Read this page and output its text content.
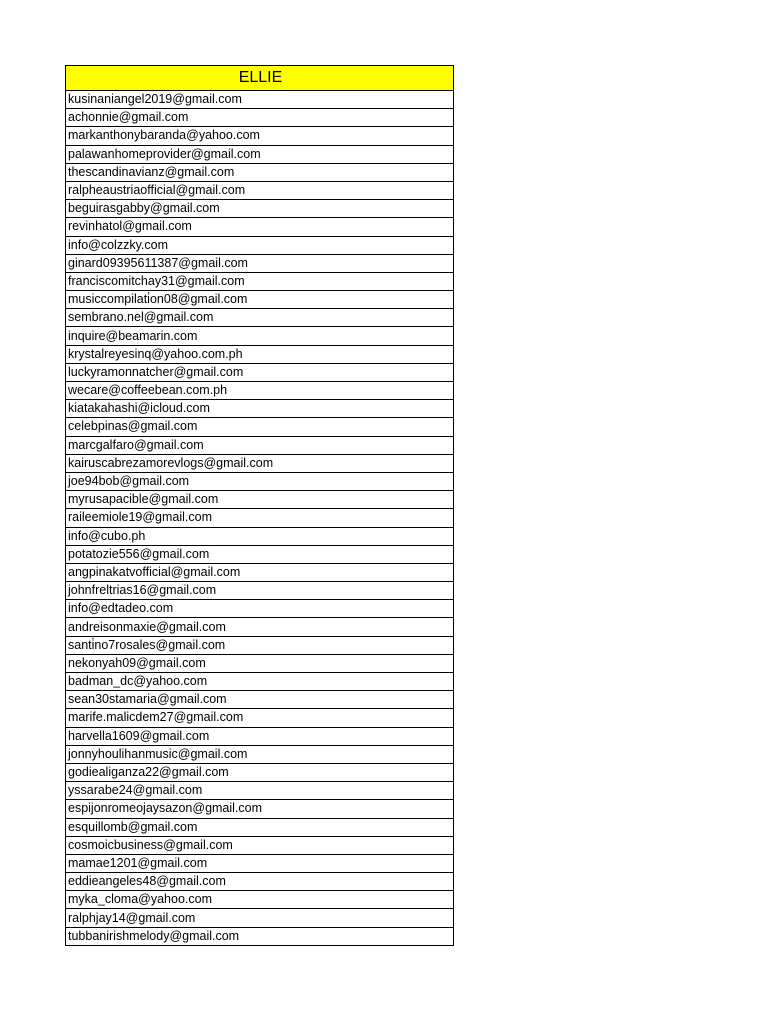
ELLIE
kusinaniangel2019@gmail.com
achonnie@gmail.com
markanthonybaranda@yahoo.com
palawanhomeprovider@gmail.com
thescandinavianz@gmail.com
ralpheaustriaofficial@gmail.com
beguirasgabby@gmail.com
revinhatol@gmail.com
info@colzzky.com
ginard09395611387@gmail.com
franciscomitchay31@gmail.com
musiccompilati̇on08@gmail.com
sembrano.nel@gmail.com
inquire@beamarin.com
krystalreyesinq@yahoo.com.ph
luckyramonnatcher@gmail.com
wecare@coffeebean.com.ph
kiatakahashi@icloud.com
celebpinas@gmail.com
marcgalfaro@gmail.com
kairuscabrezamorevlogs@gmail.com
joe94bob@gmail.com
myrusapacible@gmail.com
raileemiole19@gmail.com
info@cubo.ph
potatozie556@gmail.com
angpinakatvofficial@gmail.com
johnfreltrias16@gmail.com
info@edtadeo.com
andreisonmaxie@gmail.com
santi̇no7rosales@gmail.com
nekonyah09@gmail.com
badman_dc@yahoo.com
sean30stamaria@gmail.com
marife.malicdem27@gmail.com
harvella1609@gmail.com
jonnyhoulihanmusic@gmail.com
godiealiganza22@gmail.com
yssarabe24@gmail.com
espijonromeojaysazon@gmail.com
esquillomb@gmail.com
cosmoicbusiness@gmail.com
mamae1201@gmail.com
eddieangeles48@gmail.com
myka_cloma@yahoo.com
ralphjay14@gmail.com
tubbanirishmelody@gmail.com
